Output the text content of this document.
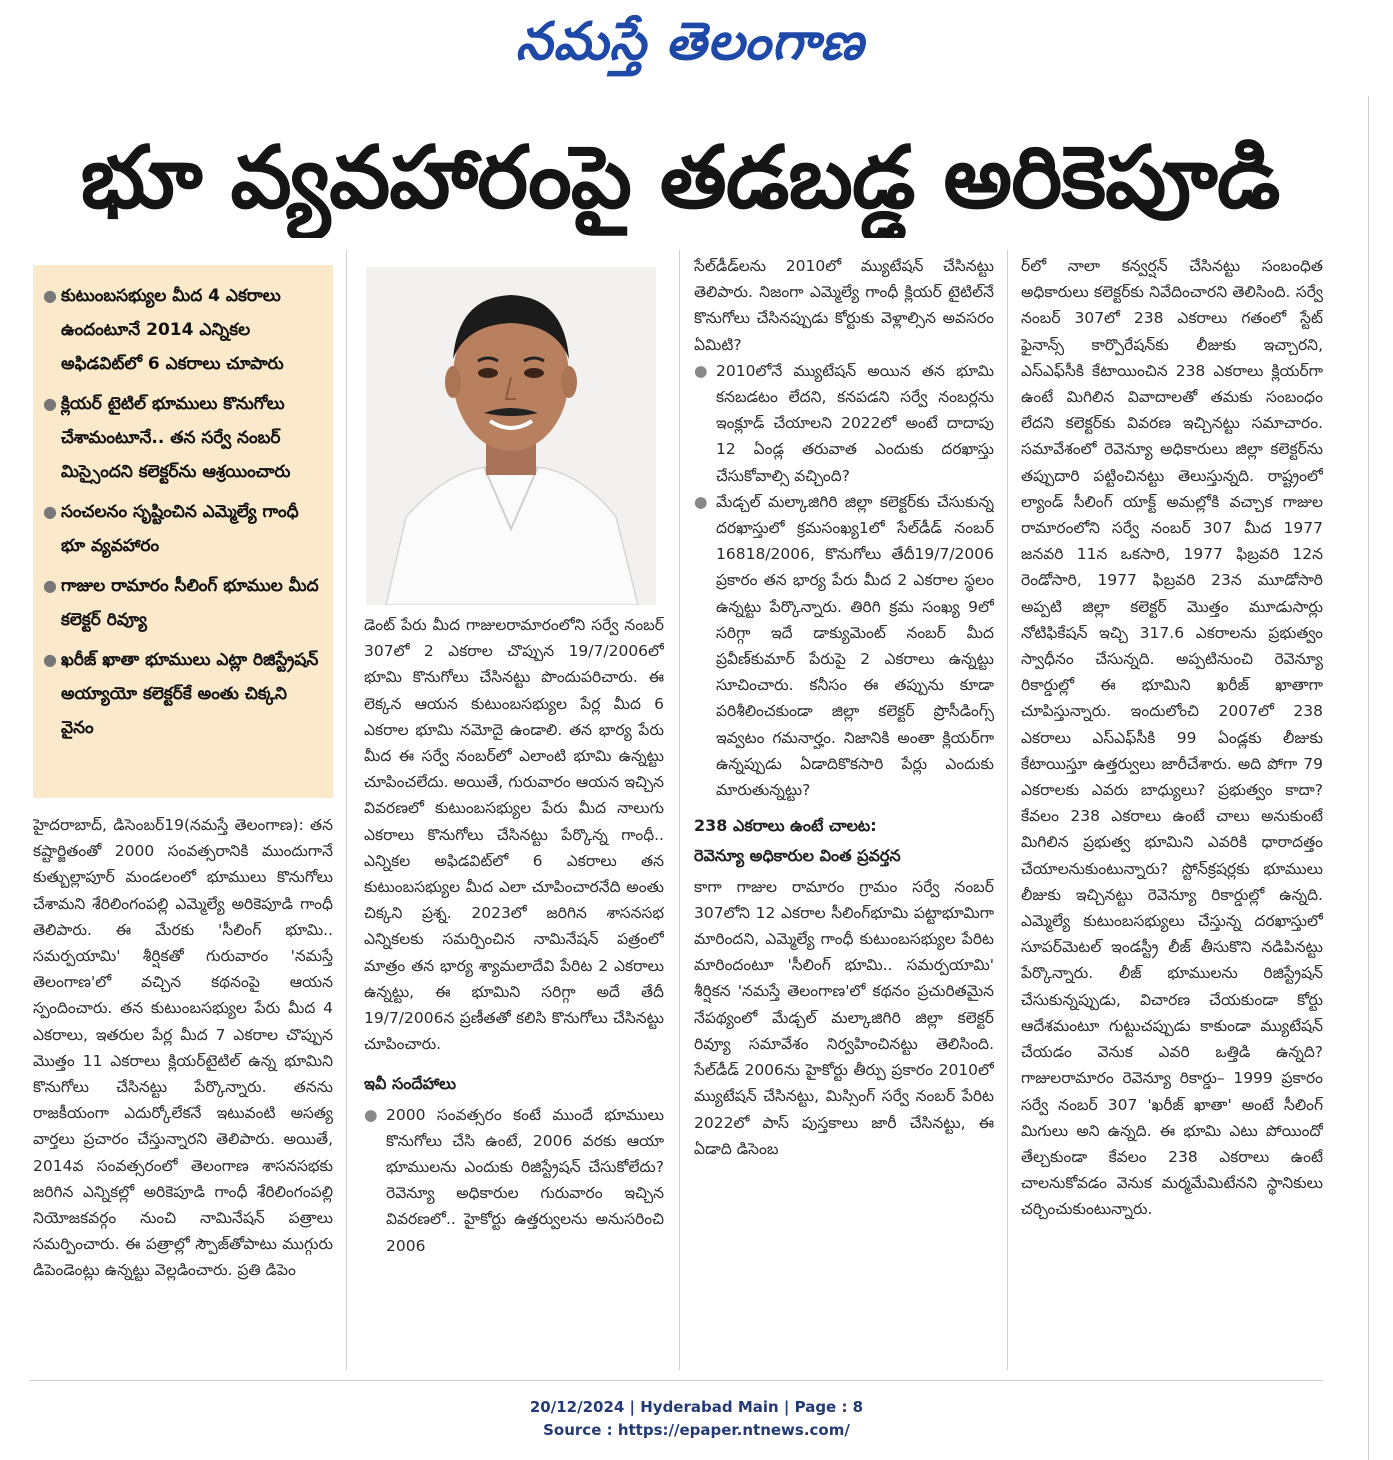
నమస్తే తెలంగాణ
భూ వ్యవహారంపై తడబడ్డ అరికెపూడి
● కుటుంబసభ్యుల మీద 4 ఎకరాలు ఉందంటూనే 2014 ఎన్నికల అఫిడవిట్‌లో 6 ఎకరాలు చూపారు
● క్లియర్ టైటిల్ భూములు కొనుగోలు చేశామంటూనే.. తన సర్వే నంబర్ మిస్సైందని కలెక్టర్‌ను ఆశ్రయించారు
● సంచలనం సృష్టించిన ఎమ్మెల్యే గాంధీ భూ వ్యవహారం
● గాజుల రామారం సీలింగ్ భూముల మీద కలెక్టర్ రివ్యూ
● ఖరీజ్ ఖాతా భూములు ఎట్లా రిజిస్ట్రేషన్ అయ్యాయో కలెక్టర్‌కే అంతు చిక్కని వైనం

హైదరాబాద్, డిసెంబర్19(నమస్తే తెలంగాణ): తన కష్టార్జితంతో 2000 సంవత్సరానికి ముందుగానే కుత్బుల్లాపూర్ మండలంలో భూములు కొనుగోలు చేశామని శేరిలింగంపల్లి ఎమ్మెల్యే అరికెపూడి గాంధీ తెలిపారు. ఈ మేరకు 'సీలింగ్ భూమి.. సమర్పయామి' శీర్షికతో గురువారం 'నమస్తే తెలంగాణ'లో వచ్చిన కథనంపై ఆయన స్పందించారు. తన కుటుంబసభ్యుల పేరు మీద 4 ఎకరాలు, ఇతరుల పేర్ల మీద 7 ఎకరాల చొప్పున మొత్తం 11 ఎకరాలు క్లియర్‌టైటిల్ ఉన్న భూమిని కొనుగోలు చేసినట్టు పేర్కొన్నారు. తనను రాజకీయంగా ఎదుర్కోలేకనే ఇటువంటి అసత్య వార్తలు ప్రచారం చేస్తున్నారని తెలిపారు. అయితే, 2014వ సంవత్సరంలో తెలంగాణ శాసనసభకు జరిగిన ఎన్నికల్లో అరికెపూడి గాంధీ శేరిలింగంపల్లి నియోజకవర్గం నుంచి నామినేషన్ పత్రాలు సమర్పించారు. ఈ పత్రాల్లో స్పౌజ్‌తోపాటు ముగ్గురు డిపెండెంట్లు ఉన్నట్టు వెల్లడించారు. ప్రతి డిపెం

డెంట్ పేరు మీద గాజులరామారంలోని సర్వే నంబర్ 307లో 2 ఎకరాల చొప్పున 19/7/2006లో భూమి కొనుగోలు చేసినట్టు పొందుపరిచారు. ఈ లెక్కన ఆయన కుటుంబసభ్యుల పేర్ల మీద 6 ఎకరాల భూమి నమోదై ఉండాలి. తన భార్య పేరు మీద ఈ సర్వే నంబర్‌లో ఎలాంటి భూమి ఉన్నట్టు చూపించలేదు. అయితే, గురువారం ఆయన ఇచ్చిన వివరణలో కుటుంబసభ్యుల పేరు మీద నాలుగు ఎకరాలు కొనుగోలు చేసినట్టు పేర్కొన్న గాంధీ.. ఎన్నికల అఫిడవిట్‌లో 6 ఎకరాలు తన కుటుంబసభ్యుల మీద ఎలా చూపించారనేది అంతు చిక్కని ప్రశ్న. 2023లో జరిగిన శాసనసభ ఎన్నికలకు సమర్పించిన నామినేషన్ పత్రంలో మాత్రం తన భార్య శ్యామలాదేవి పేరిట 2 ఎకరాలు ఉన్నట్టు, ఈ భూమిని సరిగ్గా అదే తేదీ 19/7/2006న ప్రణీతతో కలిసి కొనుగోలు చేసినట్టు చూపించారు.

ఇవీ సందేహాలు
● 2000 సంవత్సరం కంటే ముందే భూములు కొనుగోలు చేసి ఉంటే, 2006 వరకు ఆయా భూములను ఎందుకు రిజిస్ట్రేషన్ చేసుకోలేదు? రెవెన్యూ అధికారుల గురువారం ఇచ్చిన వివరణలో.. హైకోర్టు ఉత్తర్వులను అనుసరించి 2006

సేల్‌డీడ్‌లను 2010లో మ్యుటేషన్ చేసినట్టు తెలిపారు. నిజంగా ఎమ్మెల్యే గాంధీ క్లియర్ టైటిల్‌నే కొనుగోలు చేసినప్పుడు కోర్టుకు వెళ్లాల్సిన అవసరం ఏమిటి?

● 2010లోనే మ్యుటేషన్ అయిన తన భూమి కనబడటం లేదని, కనపడని సర్వే నంబర్లను ఇంక్లూడ్ చేయాలని 2022లో అంటే దాదాపు 12 ఏండ్ల తరువాత ఎందుకు దరఖాస్తు చేసుకోవాల్సి వచ్చింది?
● మేడ్చల్ మల్కాజిగిరి జిల్లా కలెక్టర్‌కు చేసుకున్న దరఖాస్తులో క్రమసంఖ్య1లో సేల్‌డీడ్ నంబర్ 16818/2006, కొనుగోలు తేదీ19/7/2006 ప్రకారం తన భార్య పేరు మీద 2 ఎకరాల స్థలం ఉన్నట్టు పేర్కొన్నారు. తిరిగి క్రమ సంఖ్య 9లో సరిగ్గా ఇదే డాక్యుమెంట్ నంబర్ మీద ప్రవీణ్‌కుమార్ పేరుపై 2 ఎకరాలు ఉన్నట్టు సూచించారు. కనీసం ఈ తప్పును కూడా పరిశీలించకుండా జిల్లా కలెక్టర్ ప్రొసీడింగ్స్ ఇవ్వటం గమనార్హం. నిజానికి అంతా క్లియర్‌గా ఉన్నప్పుడు ఏడాదికొకసారి పేర్లు ఎందుకు మారుతున్నట్టు?
238 ఎకరాలు ఉంటే చాలట:
రెవెన్యూ అధికారుల వింత ప్రవర్తన

కాగా గాజుల రామారం గ్రామం సర్వే నంబర్ 307లోని 12 ఎకరాల సీలింగ్‌భూమి పట్టాభూమిగా మారిందని, ఎమ్మెల్యే గాంధీ కుటుంబసభ్యుల పేరిట మారిందంటూ 'సీలింగ్ భూమి.. సమర్పయామి' శీర్షికన 'నమస్తే తెలంగాణ'లో కథనం ప్రచురితమైన నేపథ్యంలో మేడ్చల్ మల్కాజిగిరి జిల్లా కలెక్టర్ రివ్యూ సమావేశం నిర్వహించినట్టు తెలిసింది. సేల్‌డీడ్ 2006ను హైకోర్టు తీర్పు ప్రకారం 2010లో మ్యుటేషన్ చేసినట్టు, మిస్సింగ్ సర్వే నంబర్ పేరిట 2022లో పాస్ పుస్తకాలు జారీ చేసినట్టు, ఈ ఏడాది డిసెంబ

ర్‌లో నాలా కన్వర్షన్ చేసినట్టు సంబంధిత అధికారులు కలెక్టర్‌కు నివేదించారని తెలిసింది. సర్వే నంబర్ 307లో 238 ఎకరాలు గతంలో స్టేట్ ఫైనాన్స్ కార్పొరేషన్‌కు లీజుకు ఇచ్చారని, ఎస్‌ఎఫ్‌సీకి కేటాయించిన 238 ఎకరాలు క్లియర్‌గా ఉంటే మిగిలిన వివాదాలతో తమకు సంబంధం లేదని కలెక్టర్‌కు వివరణ ఇచ్చినట్టు సమాచారం. సమావేశంలో రెవెన్యూ అధికారులు జిల్లా కలెక్టర్‌ను తప్పుదారి పట్టించినట్టు తెలుస్తున్నది. రాష్ట్రంలో ల్యాండ్ సీలింగ్ యాక్ట్ అమల్లోకి వచ్చాక గాజుల రామారంలోని సర్వే నంబర్ 307 మీద 1977 జనవరి 11న ఒకసారి, 1977 ఫిబ్రవరి 12న రెండోసారి, 1977 ఫిబ్రవరి 23న మూడోసారి అప్పటి జిల్లా కలెక్టర్ మొత్తం మూడుసార్లు నోటిఫికేషన్ ఇచ్చి 317.6 ఎకరాలను ప్రభుత్వం స్వాధీనం చేసున్నది. అప్పటినుంచి రెవెన్యూ రికార్డుల్లో ఈ భూమిని ఖరీజ్ ఖాతాగా చూపిస్తున్నారు. ఇందులోంచి 2007లో 238 ఎకరాలు ఎస్‌ఎఫ్‌సీకి 99 ఏండ్లకు లీజుకు కేటాయిస్తూ ఉత్తర్వులు జారీచేశారు. అది పోగా 79 ఎకరాలకు ఎవరు బాధ్యులు? ప్రభుత్వం కాదా? కేవలం 238 ఎకరాలు ఉంటే చాలు అనుకుంటే మిగిలిన ప్రభుత్వ భూమిని ఎవరికి ధారాదత్తం చేయాలనుకుంటున్నారు? స్టోన్‌క్రషర్లకు భూములు లీజుకు ఇచ్చినట్టు రెవెన్యూ రికార్డుల్లో ఉన్నది. ఎమ్మెల్యే కుటుంబసభ్యులు చేస్తున్న దరఖాస్తులో సూపర్‌మెటల్ ఇండస్ట్రీ లీజ్ తీసుకొని నడిపినట్టు పేర్కొన్నారు. లీజ్ భూములను రిజిస్ట్రేషన్ చేసుకున్నప్పుడు, విచారణ చేయకుండా కోర్టు ఆదేశమంటూ గుట్టుచప్పుడు కాకుండా మ్యుటేషన్ చేయడం వెనుక ఎవరి ఒత్తిడి ఉన్నది? గాజులరామారం రెవెన్యూ రికార్డు– 1999 ప్రకారం సర్వే నంబర్ 307 'ఖరీజ్ ఖాతా' అంటే సీలింగ్ మిగులు అని ఉన్నది. ఈ భూమి ఎటు పోయిందో తేల్చకుండా కేవలం 238 ఎకరాలు ఉంటే చాలనుకోవడం వెనుక మర్మమేమిటేనని స్థానికులు చర్చించుకుంటున్నారు.

20/12/2024 | Hyderabad Main | Page : 8
Source : https://epaper.ntnews.com/
